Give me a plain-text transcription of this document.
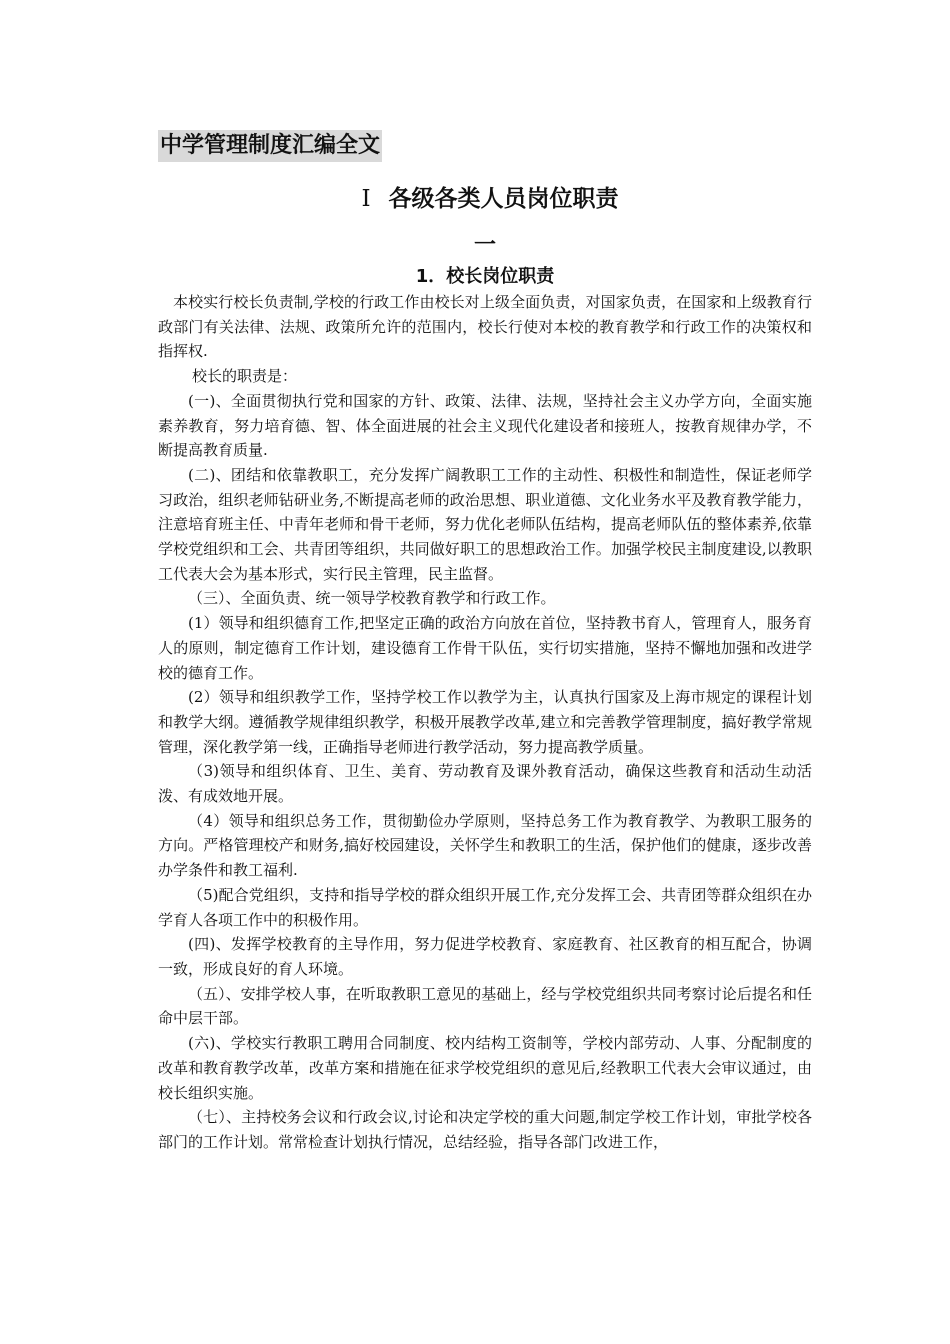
中学管理制度汇编全文
Ⅰ 各级各类人员岗位职责
一
1．校长岗位职责

本校实行校长负责制,学校的行政工作由校长对上级全面负责，对国家负责，在国家和上级教育行政部门有关法律、法规、政策所允许的范围内，校长行使对本校的教育教学和行政工作的决策权和指挥权.

校长的职责是：

(一)、全面贯彻执行党和国家的方针、政策、法律、法规，坚持社会主义办学方向，全面实施素养教育，努力培育德、智、体全面进展的社会主义现代化建设者和接班人，按教育规律办学，不断提高教育质量.

(二)、团结和依靠教职工，充分发挥广阔教职工工作的主动性、积极性和制造性，保证老师学习政治，组织老师钻研业务,不断提高老师的政治思想、职业道德、文化业务水平及教育教学能力，注意培育班主任、中青年老师和骨干老师，努力优化老师队伍结构，提高老师队伍的整体素养,依靠学校党组织和工会、共青团等组织，共同做好职工的思想政治工作。加强学校民主制度建设,以教职工代表大会为基本形式，实行民主管理，民主监督。

（三）、全面负责、统一领导学校教育教学和行政工作。

(1）领导和组织德育工作,把坚定正确的政治方向放在首位，坚持教书育人，管理育人，服务育人的原则，制定德育工作计划，建设德育工作骨干队伍，实行切实措施，坚持不懈地加强和改进学校的德育工作。

(2）领导和组织教学工作，坚持学校工作以教学为主，认真执行国家及上海市规定的课程计划和教学大纲。遵循教学规律组织教学，积极开展教学改革,建立和完善教学管理制度，搞好教学常规管理，深化教学第一线，正确指导老师进行教学活动，努力提高教学质量。

（3)领导和组织体育、卫生、美育、劳动教育及课外教育活动，确保这些教育和活动生动活泼、有成效地开展。

（4）领导和组织总务工作，贯彻勤俭办学原则，坚持总务工作为教育教学、为教职工服务的方向。严格管理校产和财务,搞好校园建设，关怀学生和教职工的生活，保护他们的健康，逐步改善办学条件和教工福利.

（5)配合党组织，支持和指导学校的群众组织开展工作,充分发挥工会、共青团等群众组织在办学育人各项工作中的积极作用。

(四)、发挥学校教育的主导作用，努力促进学校教育、家庭教育、社区教育的相互配合，协调一致，形成良好的育人环境。

（五）、安排学校人事，在听取教职工意见的基础上，经与学校党组织共同考察讨论后提名和任命中层干部。

(六)、学校实行教职工聘用合同制度、校内结构工资制等，学校内部劳动、人事、分配制度的改革和教育教学改革，改革方案和措施在征求学校党组织的意见后,经教职工代表大会审议通过，由校长组织实施。

（七）、主持校务会议和行政会议,讨论和决定学校的重大问题,制定学校工作计划，审批学校各部门的工作计划。常常检查计划执行情况，总结经验，指导各部门改进工作，
